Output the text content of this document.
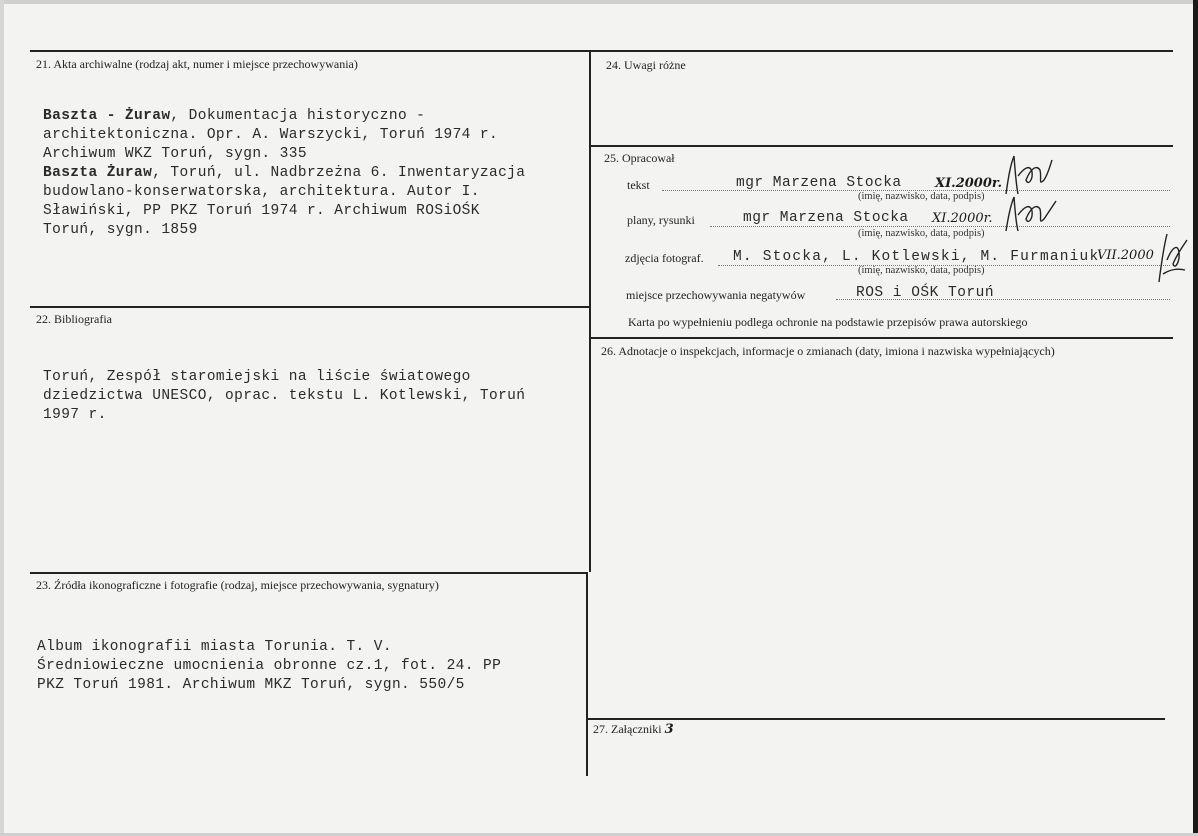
21. Akta archiwalne (rodzaj akt, numer i miejsce przechowywania)

Baszta - Żuraw, Dokumentacja historyczno -
architektoniczna. Opr. A. Warszycki, Toruń 1974 r.
Archiwum WKZ Toruń, sygn. 335
Baszta Żuraw, Toruń, ul. Nadbrzeżna 6. Inwentaryzacja
budowlano-konserwatorska, architektura. Autor I.
Sławiński, PP PKZ Toruń 1974 r. Archiwum ROSiOŚK
Toruń, sygn. 1859

22. Bibliografia

Toruń, Zespół staromiejski na liście światowego
dziedzictwa UNESCO, oprac. tekstu L. Kotlewski, Toruń
1997 r.

23. Źródła ikonograficzne i fotografie (rodzaj, miejsce przechowywania, sygnatury)

Album ikonografii miasta Torunia. T. V.
Średniowieczne umocnienia obronne cz.1, fot. 24. PP
PKZ Toruń 1981. Archiwum MKZ Toruń, sygn. 550/5

24. Uwagi różne
25. Opracował
tekst	mgr Marzena Stocka	XI.2000r.
(imię, nazwisko, data, podpis)
plany, rysunki	mgr Marzena Stocka XI.2000r.
(imię, nazwisko, data, podpis)
zdjęcia fotograf. M. Stocka, L. Kotlewski, M. Furmaniuk
VII.2000
(imię, nazwisko, data, podpis)
miejsce przechowywania negatywów	ROS i OŚK Toruń
Karta po wypełnieniu podlega ochronie na podstawie przepisów prawa autorskiego
26. Adnotacje o inspekcjach, informacje o zmianach (daty, imiona i nazwiska wypełniających)
27. Załączniki 3
